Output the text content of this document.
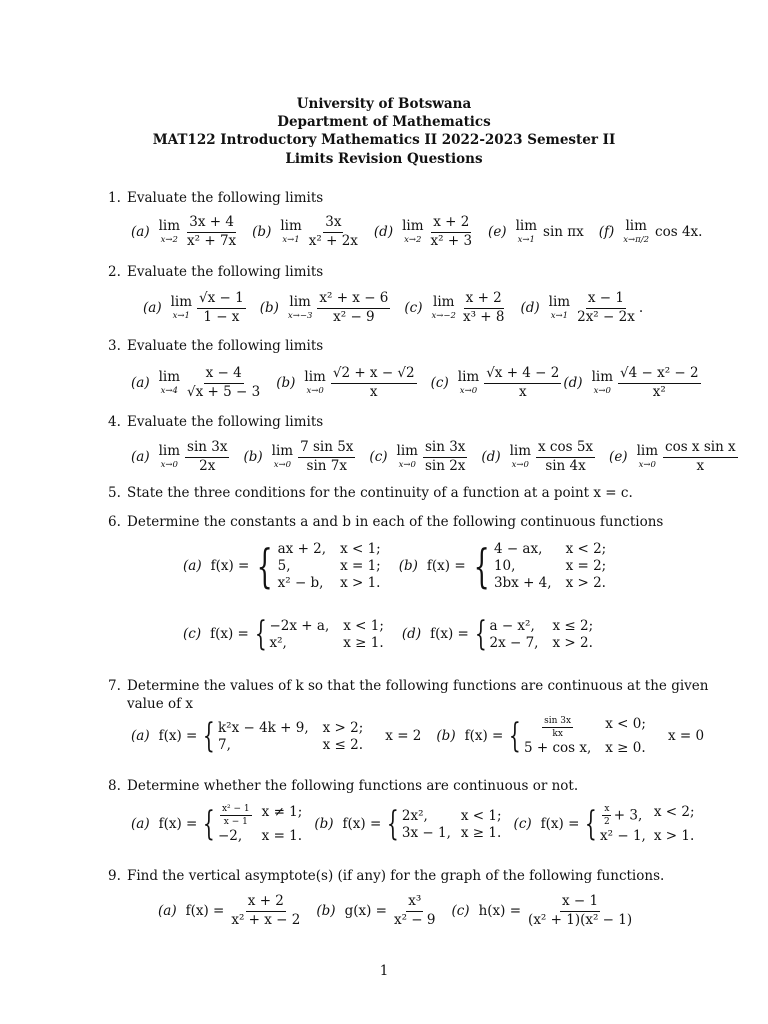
University of Botswana
Department of Mathematics
MAT122 Introductory Mathematics II 2022-2023 Semester II
Limits Revision Questions
1. Evaluate the following limits
(a) lim
$x\to 2 \frac{3x + 4}{\text{x² + 7x}} (b)$ lim
$x\to 1 \frac{3x}{\text{x² + 2x}} (d)$ lim
$x\to 2 \frac{x + 2}{\text{x² + 3}} (e)$ lim
x→1 sin πx (f) lim
x→π/2 cos 4x.
2. Evaluate the following limits
(a) lim
$x\to 1 \frac{√x - 1}{1 - x} (b)$ lim
$x\to-3 \frac{\text{x² + x − 6}}{\text{x² − 9}} (c)$ lim
$x\to-2 \frac{x + 2}{\text{x³ + 8}} (d)$ lim
$x\to 1 \frac{x - 1}{\text{2x² − 2x}}$ .
3. Evaluate the following limits
(a) lim
$x\to 4 \frac{x - 4}{√x + 5 - 3} (b)$ lim
$x\to 0 \frac{√2 + x - √2}{x} (c)$ lim
$x\to 0 \frac{√x + 4 - 2}{x} (d)$ lim
$x\to 0 \frac{\text{√4 − x² − 2}}{\text{x²}}$
4. Evaluate the following limits
(a) lim
$x\to 0 \frac{\sin 3x}{2x} (b)$ lim
$x\to 0 \frac{7 \sin 5x}{\sin 7x} (c)$ lim
$x\to 0 \frac{\sin 3x}{\sin 2x} (d)$ lim
$x\to 0 \frac{\text{x cos 5x}}{\sin 4x} (e)$ lim
$x\to 0 \frac{\text{cos x sin x}}{x}$
5. State the three conditions for the continuity of a function at a point x = c.
6. Determine the constants a and b in each of the following continuous functions
(a) f(x) = { ax + 2, x < 1;
5,	x = 1;
x² − b, x > 1.
(b) f(x) = { 4 − ax,	x < 2;
10,	x = 2;
3bx + 4, x > 2.
(c) f(x) = { −2x + a, x < 1;
x²,	x ≥ 1.
(d) f(x) = { a − x², x ≤ 2;
2x − 7, x > 2.
7. Determine the values of k so that the following functions are continuous at the given
value of x
(a) f(x) = { k²x − 4k + 9, x > 2;
7,	x ≤ 2.
x = 2 (b) f(x) = { $\frac{\sin 3x}{kx}$ x < 0;
5 + cos x, x ≥ 0.
x = 0
8. Determine whether the following functions are continuous or not.
(a) f(x) = { $\frac{\text{x² − 1}}{x - 1}$ x ≠ 1;
−2,	x = 1.
(b) f(x) = { 2x²,	x < 1;
3x − 1, x ≥ 1.
(c) f(x) = { $\frac{x}{2} + 3$, x < 2;
x² − 1, x > 1.
9. Find the vertical asymptote(s) (if any) for the graph of the following functions.
(a) $f(x) = \frac{x + 2}{\text{x² + x − 2}} (b) g(x) = \frac{\text{x³}}{\text{x² − 9}} (c) h(x) = \frac{x - 1}{\text{(x² + 1)(x² − 1)}}$
1
